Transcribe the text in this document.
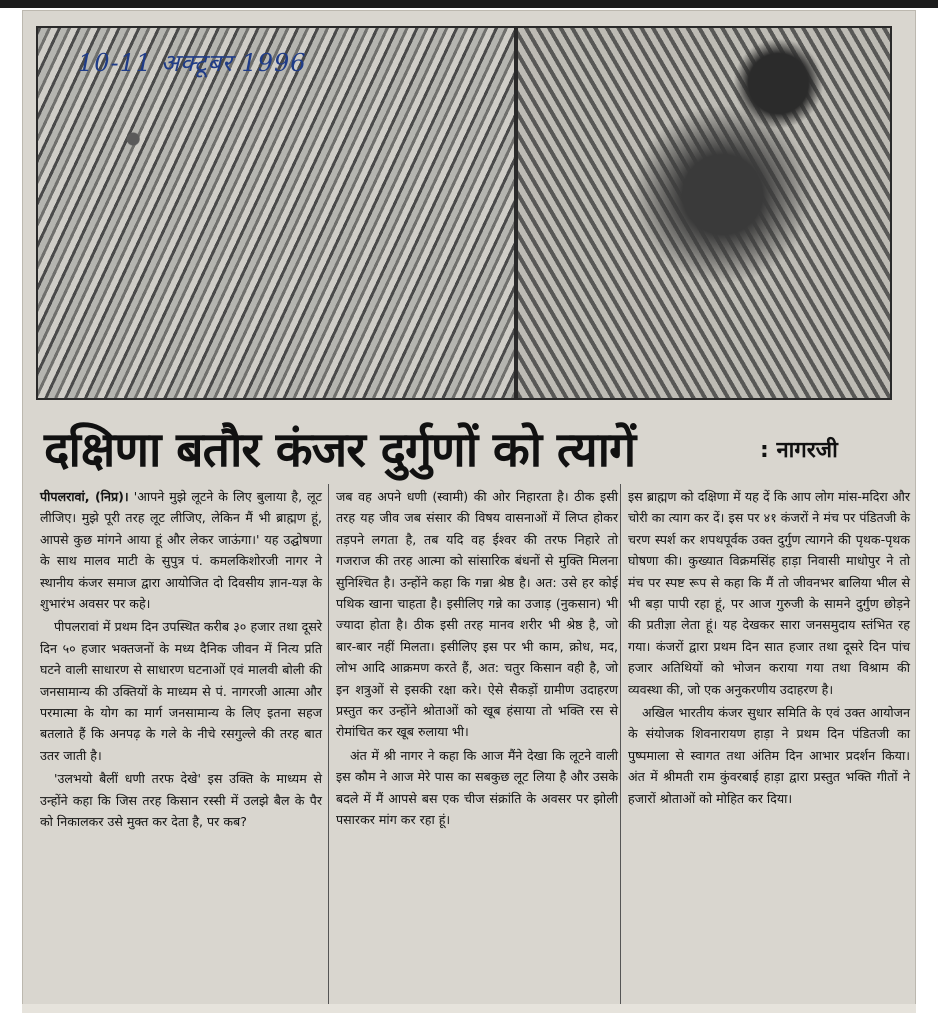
10-11 अक्टूबर 1996
दक्षिणा बतौर कंजर दुर्गुणों को त्यागें	: नागरजी

पीपलरावां, (निप्र)। 'आपने मुझे लूटने के लिए बुलाया है, लूट लीजिए। मुझे पूरी तरह लूट लीजिए, लेकिन मैं भी ब्राह्मण हूं, आपसे कुछ मांगने आया हूं और लेकर जाऊंगा।' यह उद्घोषणा के साथ मालव माटी के सुपुत्र पं. कमलकिशोरजी नागर ने स्थानीय कंजर समाज द्वारा आयोजित दो दिवसीय ज्ञान-यज्ञ के शुभारंभ अवसर पर कहे।

पीपलरावां में प्रथम दिन उपस्थित करीब ३० हजार तथा दूसरे दिन ५० हजार भक्तजनों के मध्य दैनिक जीवन में नित्य प्रति घटने वाली साधारण से साधारण घटनाओं एवं मालवी बोली की जनसामान्य की उक्तियों के माध्यम से पं. नागरजी आत्मा और परमात्मा के योग का मार्ग जनसामान्य के लिए इतना सहज बतलाते हैं कि अनपढ़ के गले के नीचे रसगुल्ले की तरह बात उतर जाती है।

'उलभयो बैलीं धणी तरफ देखे' इस उक्ति के माध्यम से उन्होंने कहा कि जिस तरह किसान रस्सी में उलझे बैल के पैर को निकालकर उसे मुक्त कर देता है, पर कब?

जब वह अपने धणी (स्वामी) की ओर निहारता है। ठीक इसी तरह यह जीव जब संसार की विषय वासनाओं में लिप्त होकर तड़पने लगता है, तब यदि वह ईश्वर की तरफ निहारे तो गजराज की तरह आत्मा को सांसारिक बंधनों से मुक्ति मिलना सुनिश्चित है। उन्होंने कहा कि गन्ना श्रेष्ठ है। अत: उसे हर कोई पथिक खाना चाहता है। इसीलिए गन्ने का उजाड़ (नुकसान) भी ज्यादा होता है। ठीक इसी तरह मानव शरीर भी श्रेष्ठ है, जो बार-बार नहीं मिलता। इसीलिए इस पर भी काम, क्रोध, मद, लोभ आदि आक्रमण करते हैं, अत: चतुर किसान वही है, जो इन शत्रुओं से इसकी रक्षा करे। ऐसे सैकड़ों ग्रामीण उदाहरण प्रस्तुत कर उन्होंने श्रोताओं को खूब हंसाया तो भक्ति रस से रोमांचित कर खूब रुलाया भी।

अंत में श्री नागर ने कहा कि आज मैंने देखा कि लूटने वाली इस कौम ने आज मेरे पास का सबकुछ लूट लिया है और उसके बदले में मैं आपसे बस एक चीज संक्रांति के अवसर पर झोली पसारकर मांग कर रहा हूं।

इस ब्राह्मण को दक्षिणा में यह दें कि आप लोग मांस-मदिरा और चोरी का त्याग कर दें। इस पर ४१ कंजरों ने मंच पर पंडितजी के चरण स्पर्श कर शपथपूर्वक उक्त दुर्गुण त्यागने की पृथक-पृथक घोषणा की। कुख्यात विक्रमसिंह हाड़ा निवासी माधोपुर ने तो मंच पर स्पष्ट रूप से कहा कि मैं तो जीवनभर बालिया भील से भी बड़ा पापी रहा हूं, पर आज गुरुजी के सामने दुर्गुण छोड़ने की प्रतीज्ञा लेता हूं। यह देखकर सारा जनसमुदाय स्तंभित रह गया। कंजरों द्वारा प्रथम दिन सात हजार तथा दूसरे दिन पांच हजार अतिथियों को भोजन कराया गया तथा विश्राम की व्यवस्था की, जो एक अनुकरणीय उदाहरण है।

अखिल भारतीय कंजर सुधार समिति के एवं उक्त आयोजन के संयोजक शिवनारायण हाड़ा ने प्रथम दिन पंडितजी का पुष्पमाला से स्वागत तथा अंतिम दिन आभार प्रदर्शन किया। अंत में श्रीमती राम कुंवरबाई हाड़ा द्वारा प्रस्तुत भक्ति गीतों ने हजारों श्रोताओं को मोहित कर दिया।
